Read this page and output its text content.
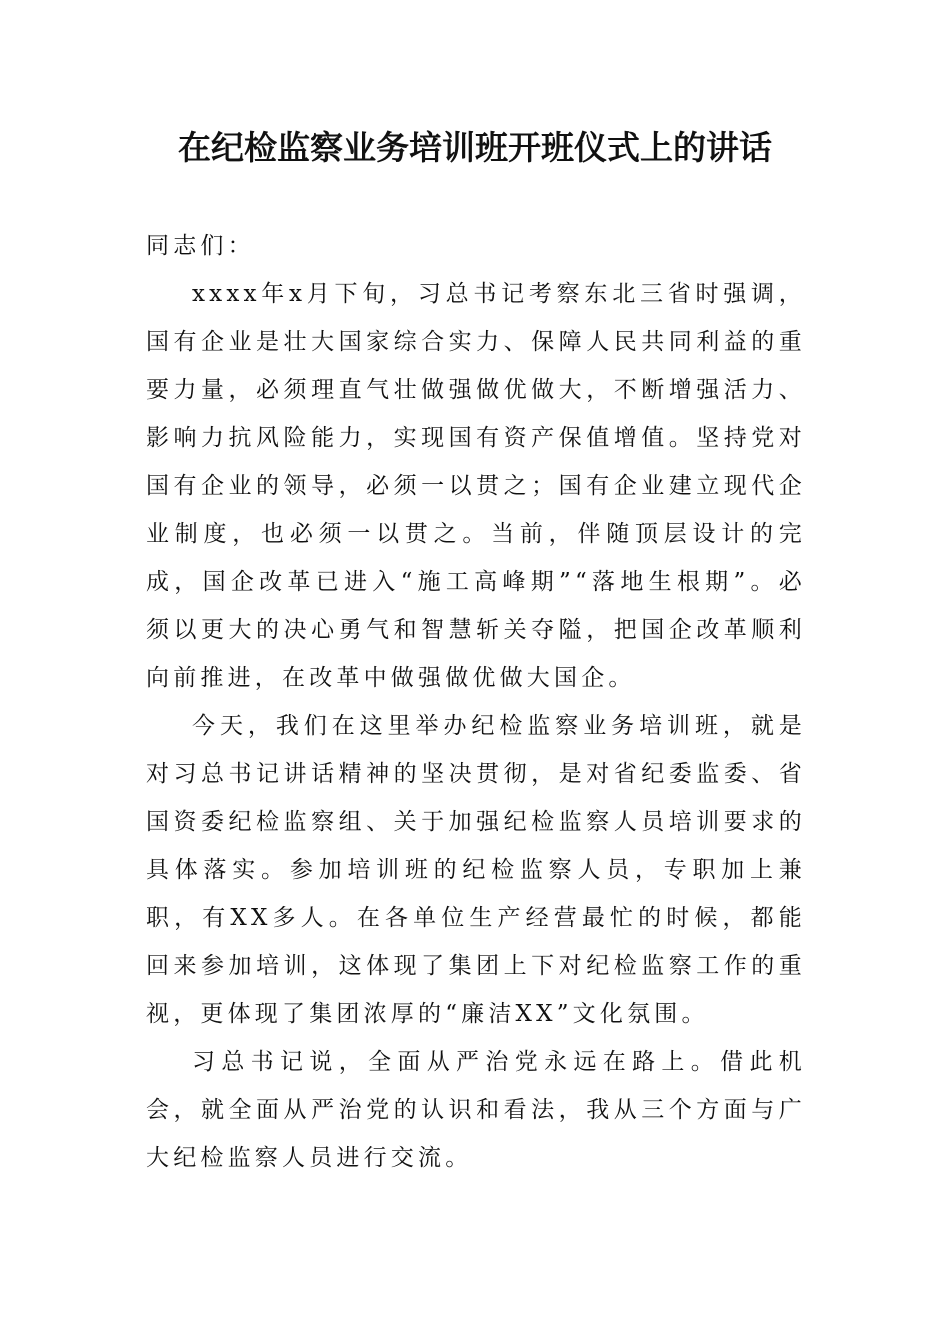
在纪检监察业务培训班开班仪式上的讲话

同志们：

xxxx年x月下旬，习总书记考察东北三省时强调，国有企业是壮大国家综合实力、保障人民共同利益的重要力量，必须理直气壮做强做优做大，不断增强活力、影响力抗风险能力，实现国有资产保值增值。坚持党对国有企业的领导，必须一以贯之；国有企业建立现代企业制度，也必须一以贯之。当前，伴随顶层设计的完成，国企改革已进入“施工高峰期”“落地生根期”。必须以更大的决心勇气和智慧斩关夺隘，把国企改革顺利向前推进，在改革中做强做优做大国企。

今天，我们在这里举办纪检监察业务培训班，就是对习总书记讲话精神的坚决贯彻，是对省纪委监委、省国资委纪检监察组、关于加强纪检监察人员培训要求的具体落实。参加培训班的纪检监察人员，专职加上兼职，有XX多人。在各单位生产经营最忙的时候，都能回来参加培训，这体现了集团上下对纪检监察工作的重视，更体现了集团浓厚的“廉洁XX”文化氛围。

习总书记说，全面从严治党永远在路上。借此机会，就全面从严治党的认识和看法，我从三个方面与广大纪检监察人员进行交流。
